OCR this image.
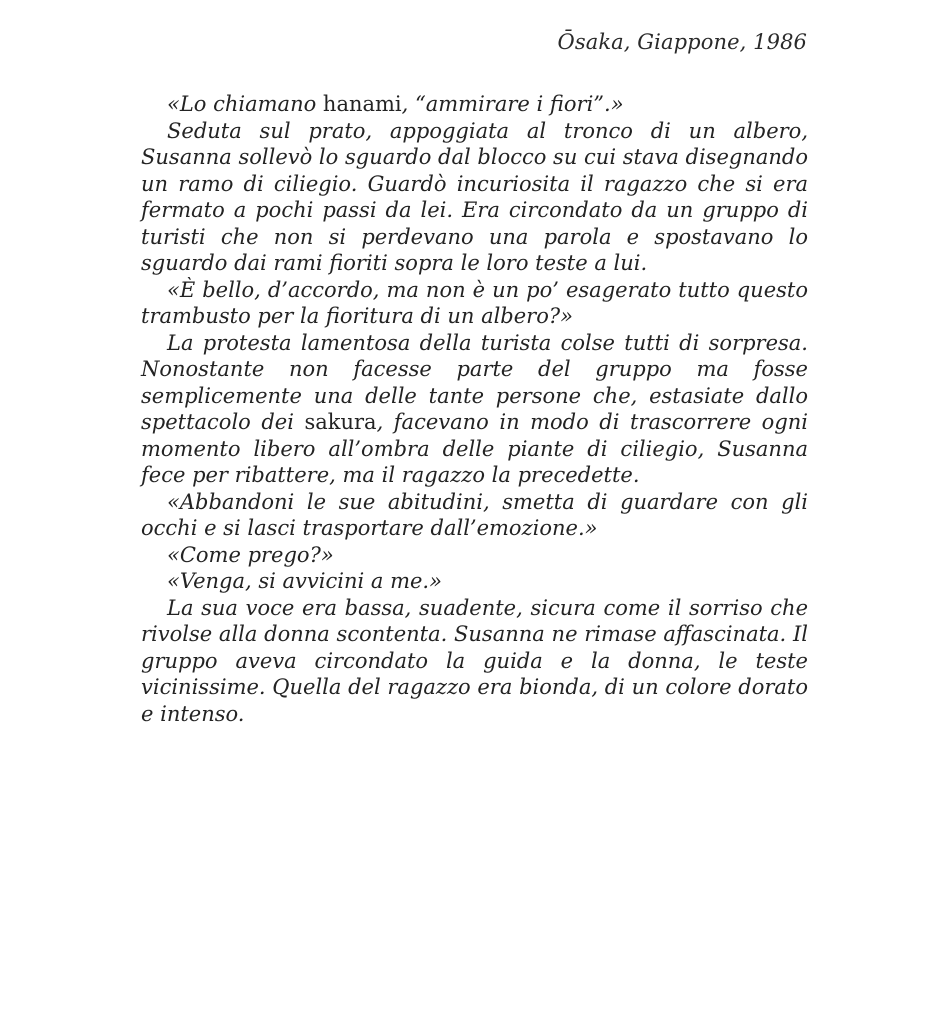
Ōsaka, Giappone, 1986

«Lo chiamano hanami, “ammirare i fiori”.»

Seduta sul prato, appoggiata al tronco di un albero, Susanna sollevò lo sguardo dal blocco su cui stava disegnando un ramo di ciliegio. Guardò incuriosita il ragazzo che si era fermato a pochi passi da lei. Era circondato da un gruppo di turisti che non si perdevano una parola e spostavano lo sguardo dai rami fioriti sopra le loro teste a lui.

«È bello, d’accordo, ma non è un po’ esagerato tutto questo trambusto per la fioritura di un albero?»

La protesta lamentosa della turista colse tutti di sorpresa. Nonostante non facesse parte del gruppo ma fosse semplicemente una delle tante persone che, estasiate dallo spettacolo dei sakura, facevano in modo di trascorrere ogni momento libero all’ombra delle piante di ciliegio, Susanna fece per ribattere, ma il ragazzo la precedette.

«Abbandoni le sue abitudini, smetta di guardare con gli occhi e si lasci trasportare dall’emozione.»

«Come prego?»

«Venga, si avvicini a me.»

La sua voce era bassa, suadente, sicura come il sorriso che rivolse alla donna scontenta. Susanna ne rimase affascinata. Il gruppo aveva circondato la guida e la donna, le teste vicinissime. Quella del ragazzo era bionda, di un colore dorato e intenso.
